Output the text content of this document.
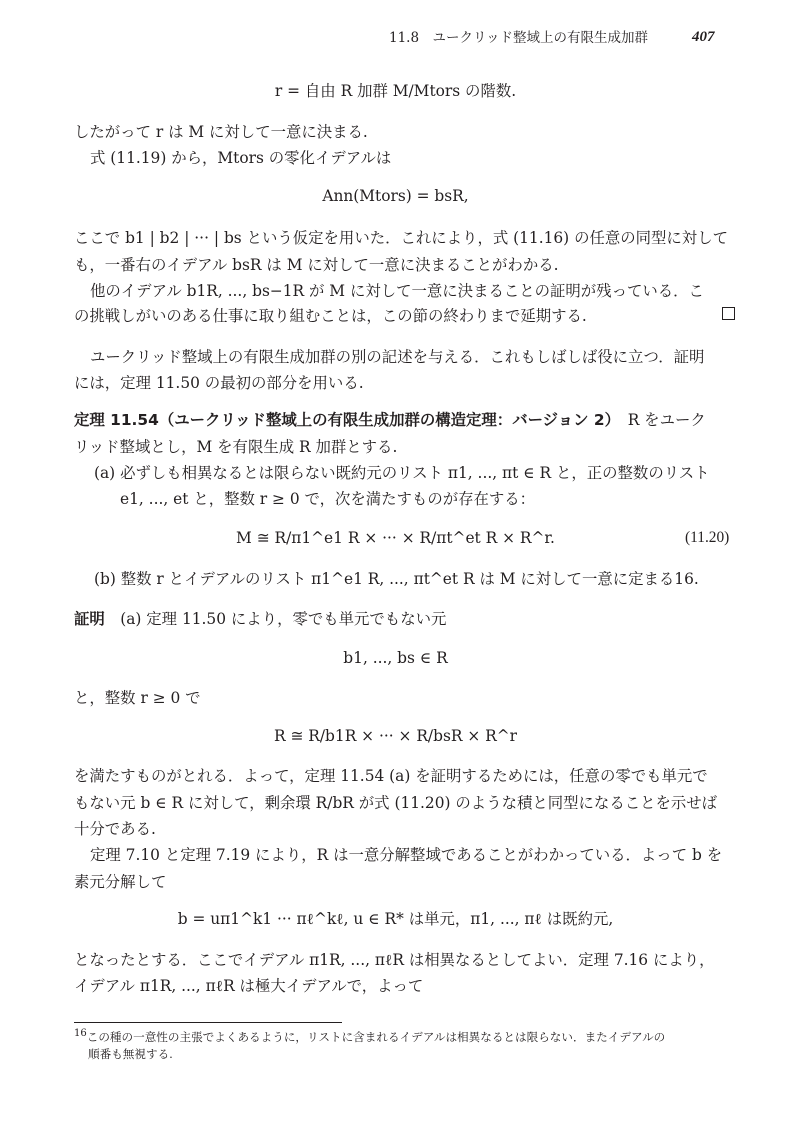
11.8　ユークリッド整域上の有限生成加群	407
r = 自由 R 加群 M/Mtors の階数.
したがって r は M に対して一意に決まる.
式 (11.19) から，Mtors の零化イデアルは
Ann(Mtors) = bsR,
ここで b1 | b2 | ··· | bs という仮定を用いた．これにより，式 (11.16) の任意の同型に対して
も，一番右のイデアル bsR は M に対して一意に決まることがわかる.
他のイデアル b1R, ..., bs−1R が M に対して一意に決まることの証明が残っている．こ
の挑戦しがいのある仕事に取り組むことは，この節の終わりまで延期する.
ユークリッド整域上の有限生成加群の別の記述を与える．これもしばしば役に立つ．証明
には，定理 11.50 の最初の部分を用いる.
定理 11.54（ユークリッド整域上の有限生成加群の構造定理：バージョン 2）　 R をユーク
リッド整域とし，M を有限生成 R 加群とする.
(a) 必ずしも相異なるとは限らない既約元のリスト π1, ..., πt ∈ R と，正の整数のリスト
e1, ..., et と，整数 r ≥ 0 で，次を満たすものが存在する：
M ≅ R/π1^e1 R × ··· × R/πt^et R × R^r.	(11.20)
(b) 整数 r とイデアルのリスト π1^e1 R, ..., πt^et R は M に対して一意に定まる16.
証明　 (a) 定理 11.50 により，零でも単元でもない元
b1, ..., bs ∈ R
と，整数 r ≥ 0 で
R ≅ R/b1R × ··· × R/bsR × R^r
を満たすものがとれる．よって，定理 11.54 (a) を証明するためには，任意の零でも単元で
もない元 b ∈ R に対して，剰余環 R/bR が式 (11.20) のような積と同型になることを示せば
十分である.
定理 7.10 と定理 7.19 により，R は一意分解整域であることがわかっている．よって b を
素元分解して
b = uπ1^k1 ··· πℓ^kℓ, u ∈ R* は単元，π1, ..., πℓ は既約元,
となったとする．ここでイデアル π1R, ..., πℓR は相異なるとしてよい．定理 7.16 により，
イデアル π1R, ..., πℓR は極大イデアルで，よって
$^{16}$この種の一意性の主張でよくあるように，リストに含まれるイデアルは相異なるとは限らない．またイデアルの
順番も無視する.
